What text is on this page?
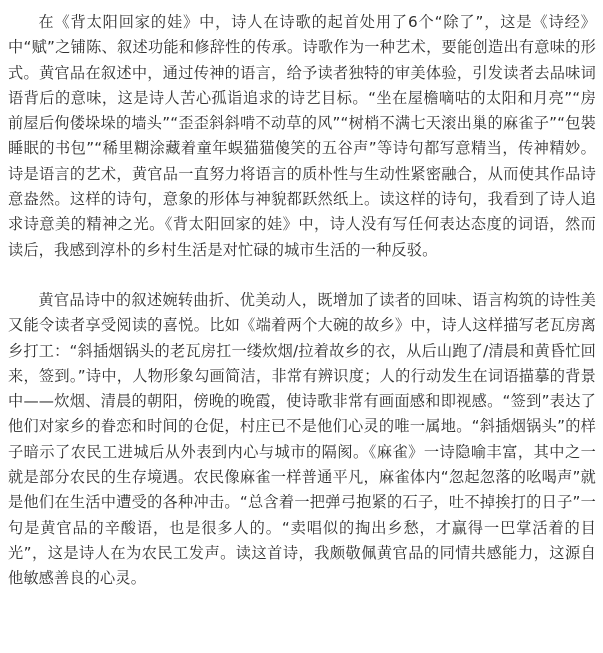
在《背太阳回家的娃》中，诗人在诗歌的起首处用了6个“除了”，这是《诗经》中“赋”之铺陈、叙述功能和修辞性的传承。诗歌作为一种艺术，要能创造出有意味的形式。黄官品在叙述中，通过传神的语言，给予读者独特的审美体验，引发读者去品味词语背后的意味，这是诗人苦心孤诣追求的诗艺目标。“坐在屋檐嘀咕的太阳和月亮”“房前屋后佝偻垛垛的墙头”“歪歪斜斜啃不动草的风”“树梢不满七天滚出巢的麻雀子”“包裝睡眠的书包”“稀里糊涂藏着童年蜈猫猫傻笑的五谷声”等诗句都写意精当，传神精妙。诗是语言的艺术，黄官品一直努力将语言的质朴性与生动性紧密融合，从而使其作品诗意盎然。这样的诗句，意象的形体与神貌都跃然纸上。读这样的诗句，我看到了诗人追求诗意美的精神之光。《背太阳回家的娃》中，诗人没有写任何表达态度的词语，然而读后，我感到淳朴的乡村生活是对忙碌的城市生活的一种反驳。

黄官品诗中的叙述婉转曲折、优美动人，既增加了读者的回味、语言构筑的诗性美又能令读者享受阅读的喜悦。比如《端着两个大碗的故乡》中，诗人这样描写老瓦房离乡打工：“斜插烟锅头的老瓦房扛一缕炊烟/拉着故乡的衣，从后山跑了/清晨和黄昏忙回来，签到。”诗中，人物形象勾画简洁，非常有辨识度；人的行动发生在词语描摹的背景中——炊烟、清晨的朝阳，傍晚的晚霞，使诗歌非常有画面感和即视感。“签到”表达了他们对家乡的眷恋和时间的仓促，村庄已不是他们心灵的唯一属地。“斜插烟锅头”的样子暗示了农民工进城后从外表到内心与城市的隔阂。《麻雀》一诗隐喻丰富，其中之一就是部分农民的生存境遇。农民像麻雀一样普通平凡，麻雀体内“忽起忽落的吆喝声”就是他们在生活中遭受的各种冲击。“总含着一把弹弓抱紧的石子，吐不掉挨打的日子”一句是黄官品的辛酸语，也是很多人的。“卖唱似的掏出乡愁，才赢得一巴掌活着的目光”，这是诗人在为农民工发声。读这首诗，我颇敬佩黄官品的同情共感能力，这源自他敏感善良的心灵。
